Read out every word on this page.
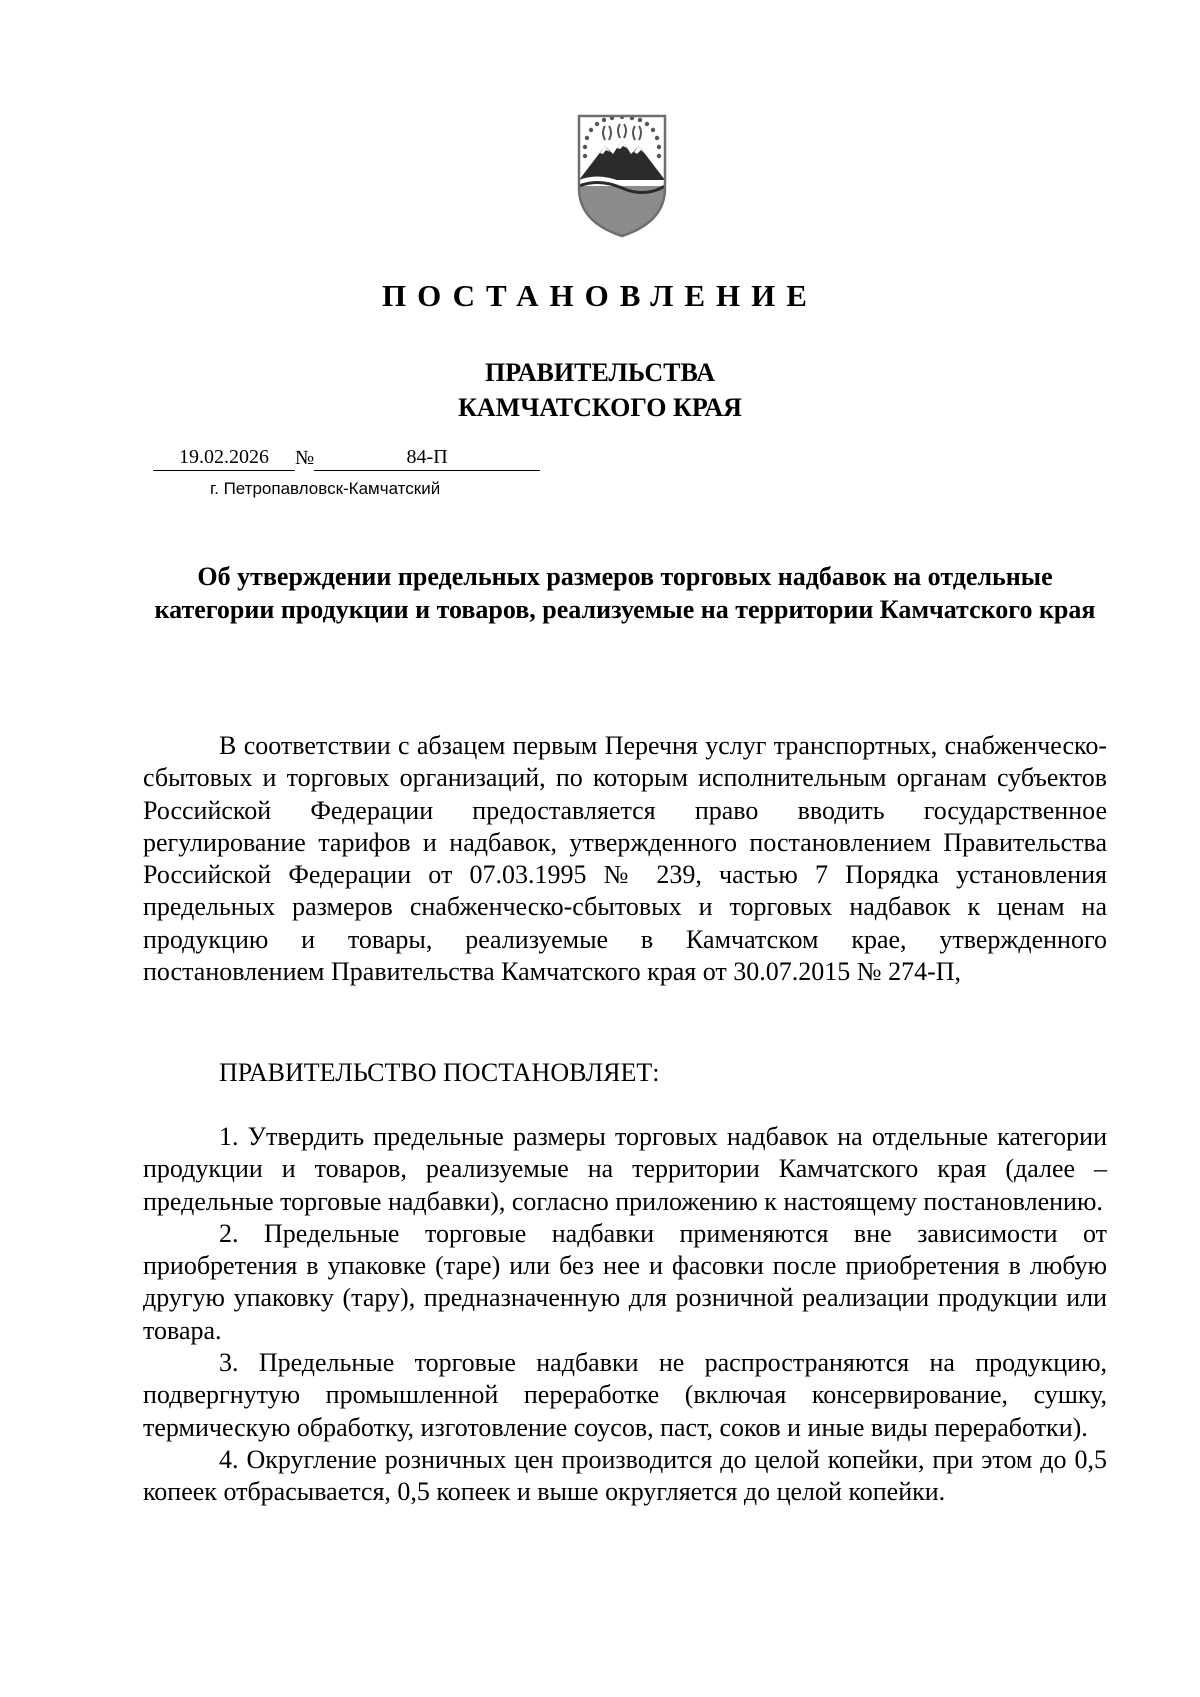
ПОСТАНОВЛЕНИЕ
ПРАВИТЕЛЬСТВА
КАМЧАТСКОГО КРАЯ
19.02.2026 №	84-П
г. Петропавловск-Камчатский
Об утверждении предельных размеров торговых надбавок на отдельные категории продукции и товаров, реализуемые на территории Камчатского края

В соответствии с абзацем первым Перечня услуг транспортных, снабженческо-сбытовых и торговых организаций, по которым исполнительным органам субъектов Российской Федерации предоставляется право вводить государственное регулирование тарифов и надбавок, утвержденного постановлением Правительства Российской Федерации от 07.03.1995 № 239, частью 7 Порядка установления предельных размеров снабженческо-сбытовых и торговых надбавок к ценам на продукцию и товары, реализуемые в Камчатском крае, утвержденного постановлением Правительства Камчатского края от 30.07.2015 № 274-П,

ПРАВИТЕЛЬСТВО ПОСТАНОВЛЯЕТ:

1. Утвердить предельные размеры торговых надбавок на отдельные категории продукции и товаров, реализуемые на территории Камчатского края (далее – предельные торговые надбавки), согласно приложению к настоящему постановлению.

2. Предельные торговые надбавки применяются вне зависимости от приобретения в упаковке (таре) или без нее и фасовки после приобретения в любую другую упаковку (тару), предназначенную для розничной реализации продукции или товара.

3. Предельные торговые надбавки не распространяются на продукцию, подвергнутую промышленной переработке (включая консервирование, сушку, термическую обработку, изготовление соусов, паст, соков и иные виды переработки).

4. Округление розничных цен производится до целой копейки, при этом до 0,5 копеек отбрасывается, 0,5 копеек и выше округляется до целой копейки.
